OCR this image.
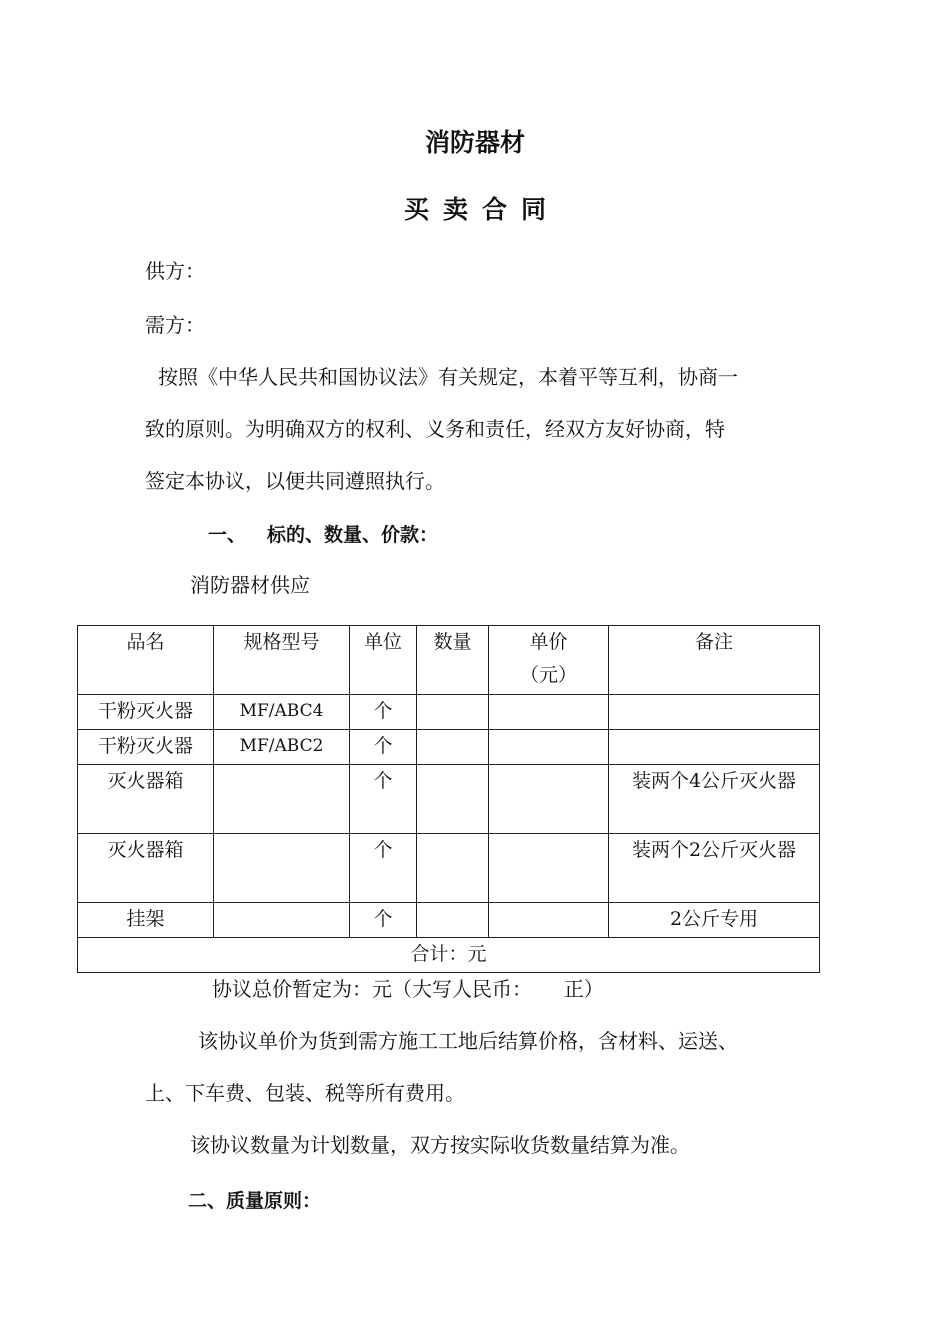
消防器材
买卖合同
供方：
需方：
按照《中华人民共和国协议法》有关规定，本着平等互利，协商一
致的原则。为明确双方的权利、义务和责任，经双方友好协商，特
签定本协议，以便共同遵照执行。
一、 标的、数量、价款：
消防器材供应
品名	规格型号	单位	数量	单价（元）	备注
干粉灭火器	MF/ABC4	个			
干粉灭火器	MF/ABC2	个			
灭火器箱		个			装两个4公斤灭火器
灭火器箱		个			装两个2公斤灭火器
挂架		个			2公斤专用
合计：元					
协议总价暂定为：元（大写人民币：     正）
该协议单价为货到需方施工工地后结算价格，含材料、运送、
上、下车费、包装、税等所有费用。
该协议数量为计划数量，双方按实际收货数量结算为准。
二、质量原则：
